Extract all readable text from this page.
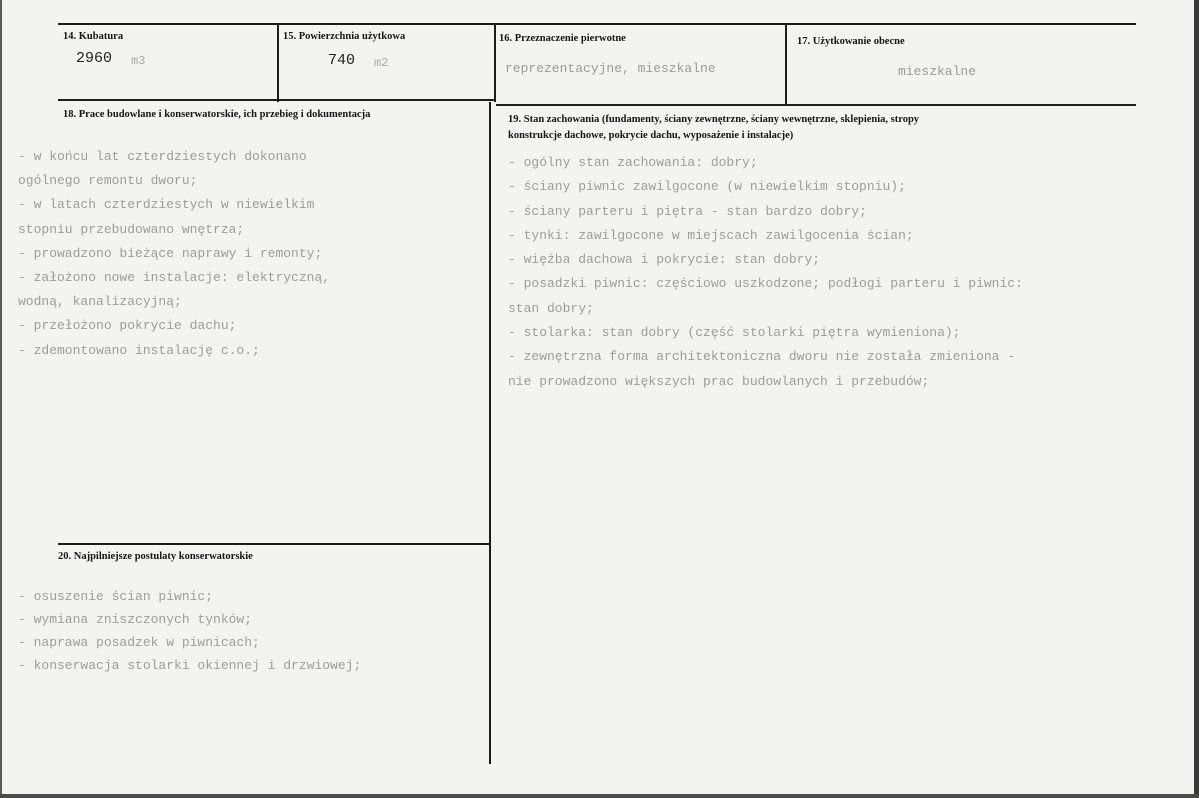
14. Kubatura
2960 m3
15. Powierzchnia użytkowa
740 m2
16. Przeznaczenie pierwotne
reprezentacyjne, mieszkalne
17. Użytkowanie obecne
mieszkalne
18. Prace budowlane i konserwatorskie, ich przebieg i dokumentacja
- w końcu lat czterdziestych dokonano
ogólnego remontu dworu;
- w latach czterdziestych w niewielkim
stopniu przebudowano wnętrza;
- prowadzono bieżące naprawy i remonty;
- założono nowe instalacje: elektryczną,
wodną, kanalizacyjną;
- przełożono pokrycie dachu;
- zdemontowano instalację c.o.;
19. Stan zachowania (fundamenty, ściany zewnętrzne, ściany wewnętrzne, sklepienia, stropy
konstrukcje dachowe, pokrycie dachu, wyposażenie i instalacje)
- ogólny stan zachowania: dobry;
- ściany piwnic zawilgocone (w niewielkim stopniu);
- ściany parteru i piętra - stan bardzo dobry;
- tynki: zawilgocone w miejscach zawilgocenia ścian;
- więźba dachowa i pokrycie: stan dobry;
- posadzki piwnic: częściowo uszkodzone; podłogi parteru i piwnic:
stan dobry;
- stolarka: stan dobry (część stolarki piętra wymieniona);
- zewnętrzna forma architektoniczna dworu nie została zmieniona -
nie prowadzono większych prac budowlanych i przebudów;
20. Najpilniejsze postulaty konserwatorskie
- osuszenie ścian piwnic;
- wymiana zniszczonych tynków;
- naprawa posadzek w piwnicach;
- konserwacja stolarki okiennej i drzwiowej;
